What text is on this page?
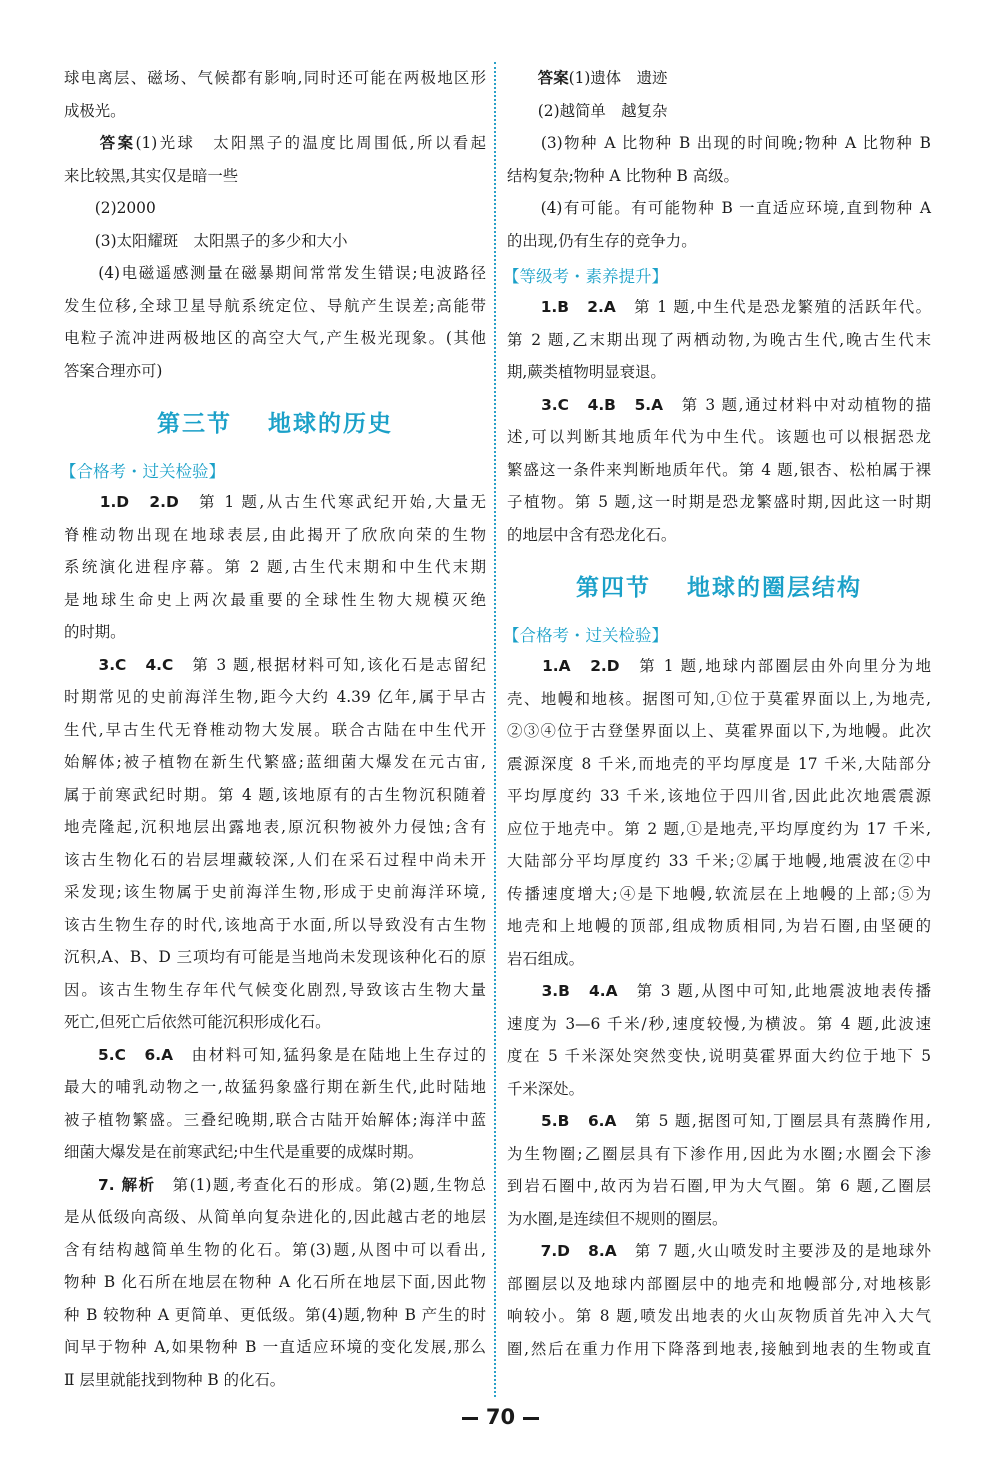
球电离层、磁场、气候都有影响,同时还可能在两极地区形
成极光。
　　答案(1)光球　太阳黑子的温度比周围低,所以看起
来比较黑,其实仅是暗一些
　　(2)2000
　　(3)太阳耀斑　太阳黑子的多少和大小
　　(4)电磁遥感测量在磁暴期间常常发生错误;电波路径
发生位移,全球卫星导航系统定位、导航产生误差;高能带
电粒子流冲进两极地区的高空大气,产生极光现象。(其他
答案合理亦可)
第三节 地球的历史
【合格考・过关检验】
　　1.D　2.D　第 1 题,从古生代寒武纪开始,大量无
脊椎动物出现在地球表层,由此揭开了欣欣向荣的生物
系统演化进程序幕。第 2 题,古生代末期和中生代末期
是地球生命史上两次最重要的全球性生物大规模灭绝
的时期。
　　3.C　4.C　第 3 题,根据材料可知,该化石是志留纪
时期常见的史前海洋生物,距今大约 4.39 亿年,属于早古
生代,早古生代无脊椎动物大发展。联合古陆在中生代开
始解体;被子植物在新生代繁盛;蓝细菌大爆发在元古宙,
属于前寒武纪时期。第 4 题,该地原有的古生物沉积随着
地壳隆起,沉积地层出露地表,原沉积物被外力侵蚀;含有
该古生物化石的岩层埋藏较深,人们在采石过程中尚未开
采发现;该生物属于史前海洋生物,形成于史前海洋环境,
该古生物生存的时代,该地高于水面,所以导致没有古生物
沉积,A、B、D 三项均有可能是当地尚未发现该种化石的原
因。该古生物生存年代气候变化剧烈,导致该古生物大量
死亡,但死亡后依然可能沉积形成化石。
　　5.C　6.A　由材料可知,猛犸象是在陆地上生存过的
最大的哺乳动物之一,故猛犸象盛行期在新生代,此时陆地
被子植物繁盛。三叠纪晚期,联合古陆开始解体;海洋中蓝
细菌大爆发是在前寒武纪;中生代是重要的成煤时期。
　　7. 解析　第(1)题,考查化石的形成。第(2)题,生物总
是从低级向高级、从简单向复杂进化的,因此越古老的地层
含有结构越简单生物的化石。第(3)题,从图中可以看出,
物种 B 化石所在地层在物种 A 化石所在地层下面,因此物
种 B 较物种 A 更简单、更低级。第(4)题,物种 B 产生的时
间早于物种 A,如果物种 B 一直适应环境的变化发展,那么
Ⅱ 层里就能找到物种 B 的化石。
　　答案(1)遗体　遗迹
　　(2)越简单　越复杂
　　(3)物种 A 比物种 B 出现的时间晚;物种 A 比物种 B
结构复杂;物种 A 比物种 B 高级。
　　(4)有可能。有可能物种 B 一直适应环境,直到物种 A
的出现,仍有生存的竞争力。
【等级考・素养提升】
　　1.B　2.A　第 1 题,中生代是恐龙繁殖的活跃年代。
第 2 题,乙末期出现了两栖动物,为晚古生代,晚古生代末
期,蕨类植物明显衰退。
　　3.C　4.B　5.A　第 3 题,通过材料中对动植物的描
述,可以判断其地质年代为中生代。该题也可以根据恐龙
繁盛这一条件来判断地质年代。第 4 题,银杏、松柏属于裸
子植物。第 5 题,这一时期是恐龙繁盛时期,因此这一时期
的地层中含有恐龙化石。
第四节 地球的圈层结构
【合格考・过关检验】
　　1.A　2.D　第 1 题,地球内部圈层由外向里分为地
壳、地幔和地核。据图可知,①位于莫霍界面以上,为地壳,
②③④位于古登堡界面以上、莫霍界面以下,为地幔。此次
震源深度 8 千米,而地壳的平均厚度是 17 千米,大陆部分
平均厚度约 33 千米,该地位于四川省,因此此次地震震源
应位于地壳中。第 2 题,①是地壳,平均厚度约为 17 千米,
大陆部分平均厚度约 33 千米;②属于地幔,地震波在②中
传播速度增大;④是下地幔,软流层在上地幔的上部;⑤为
地壳和上地幔的顶部,组成物质相同,为岩石圈,由坚硬的
岩石组成。
　　3.B　4.A　第 3 题,从图中可知,此地震波地表传播
速度为 3—6 千米/秒,速度较慢,为横波。第 4 题,此波速
度在 5 千米深处突然变快,说明莫霍界面大约位于地下 5
千米深处。
　　5.B　6.A　第 5 题,据图可知,丁圈层具有蒸腾作用,
为生物圈;乙圈层具有下渗作用,因此为水圈;水圈会下渗
到岩石圈中,故丙为岩石圈,甲为大气圈。第 6 题,乙圈层
为水圈,是连续但不规则的圈层。
　　7.D　8.A　第 7 题,火山喷发时主要涉及的是地球外
部圈层以及地球内部圈层中的地壳和地幔部分,对地核影
响较小。第 8 题,喷发出地表的火山灰物质首先冲入大气
圈,然后在重力作用下降落到地表,接触到地表的生物或直
70
